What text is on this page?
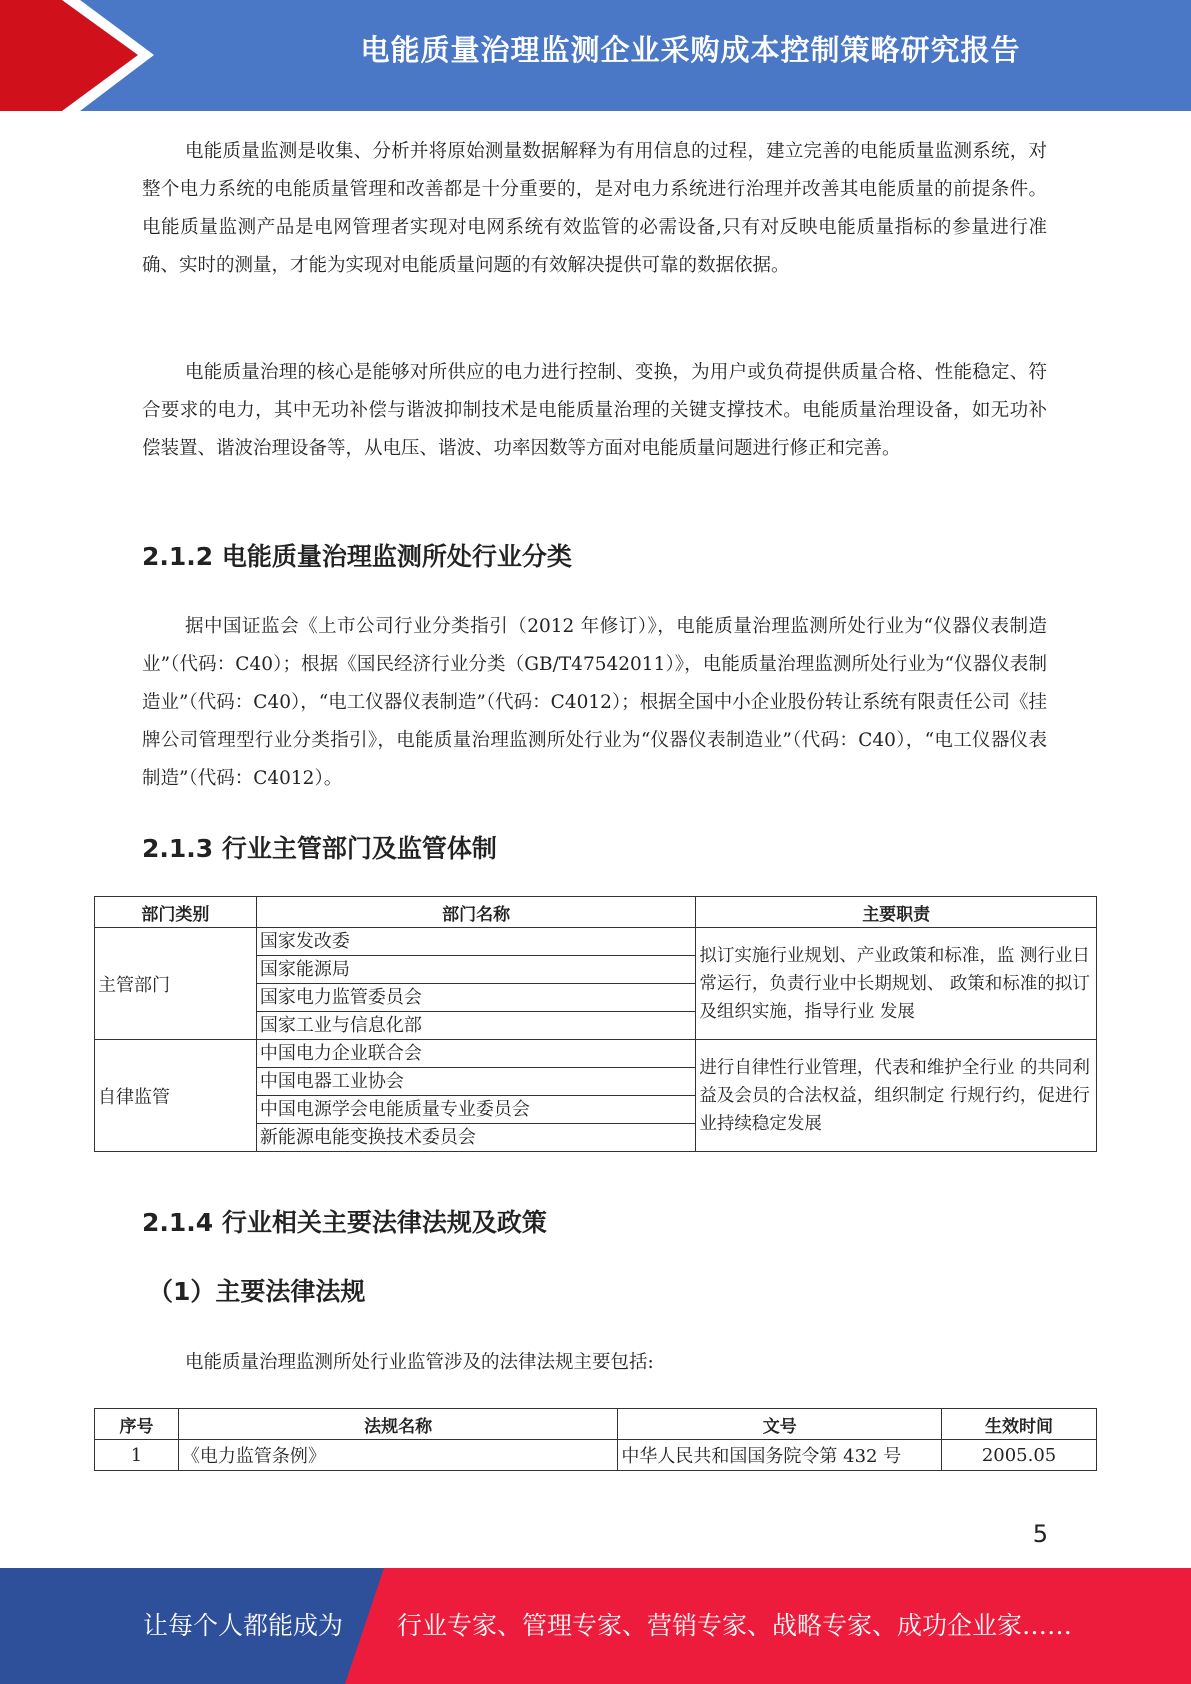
电能质量治理监测企业采购成本控制策略研究报告

电能质量监测是收集、分析并将原始测量数据解释为有用信息的过程，建立完善的电能质量监测系统，对整个电力系统的电能质量管理和改善都是十分重要的，是对电力系统进行治理并改善其电能质量的前提条件。电能质量监测产品是电网管理者实现对电网系统有效监管的必需设备,只有对反映电能质量指标的参量进行准确、实时的测量，才能为实现对电能质量问题的有效解决提供可靠的数据依据。

电能质量治理的核心是能够对所供应的电力进行控制、变换，为用户或负荷提供质量合格、性能稳定、符合要求的电力，其中无功补偿与谐波抑制技术是电能质量治理的关键支撑技术。电能质量治理设备，如无功补偿装置、谐波治理设备等，从电压、谐波、功率因数等方面对电能质量问题进行修正和完善。

2.1.2 电能质量治理监测所处行业分类

据中国证监会《上市公司行业分类指引（2012 年修订）》，电能质量治理监测所处行业为“仪器仪表制造业”（代码：C40）；根据《国民经济行业分类（GB/T47542011）》，电能质量治理监测所处行业为“仪器仪表制造业”（代码：C40），“电工仪器仪表制造”（代码：C4012）；根据全国中小企业股份转让系统有限责任公司《挂牌公司管理型行业分类指引》，电能质量治理监测所处行业为“仪器仪表制造业”（代码：C40），“电工仪器仪表制造”（代码：C4012）。

2.1.3 行业主管部门及监管体制
部门类别	部门名称	主要职责
主管部门	国家发改委	拟订实施行业规划、产业政策和标准，监 测行业日常运行，负责行业中长期规划、 政策和标准的拟订及组织实施，指导行业 发展
	国家能源局	
	国家电力监管委员会	
	国家工业与信息化部	
自律监管	中国电力企业联合会	进行自律性行业管理，代表和维护全行业 的共同利益及会员的合法权益，组织制定 行规行约，促进行业持续稳定发展
	中国电器工业协会	
	中国电源学会电能质量专业委员会	
	新能源电能变换技术委员会	
2.1.4 行业相关主要法律法规及政策
（1）主要法律法规

电能质量治理监测所处行业监管涉及的法律法规主要包括:

序号	法规名称	文号	生效时间
1	《电力监管条例》	中华人民共和国国务院令第 432 号	2005.05
5
让每个人都能成为 行业专家、管理专家、营销专家、战略专家、成功企业家……
